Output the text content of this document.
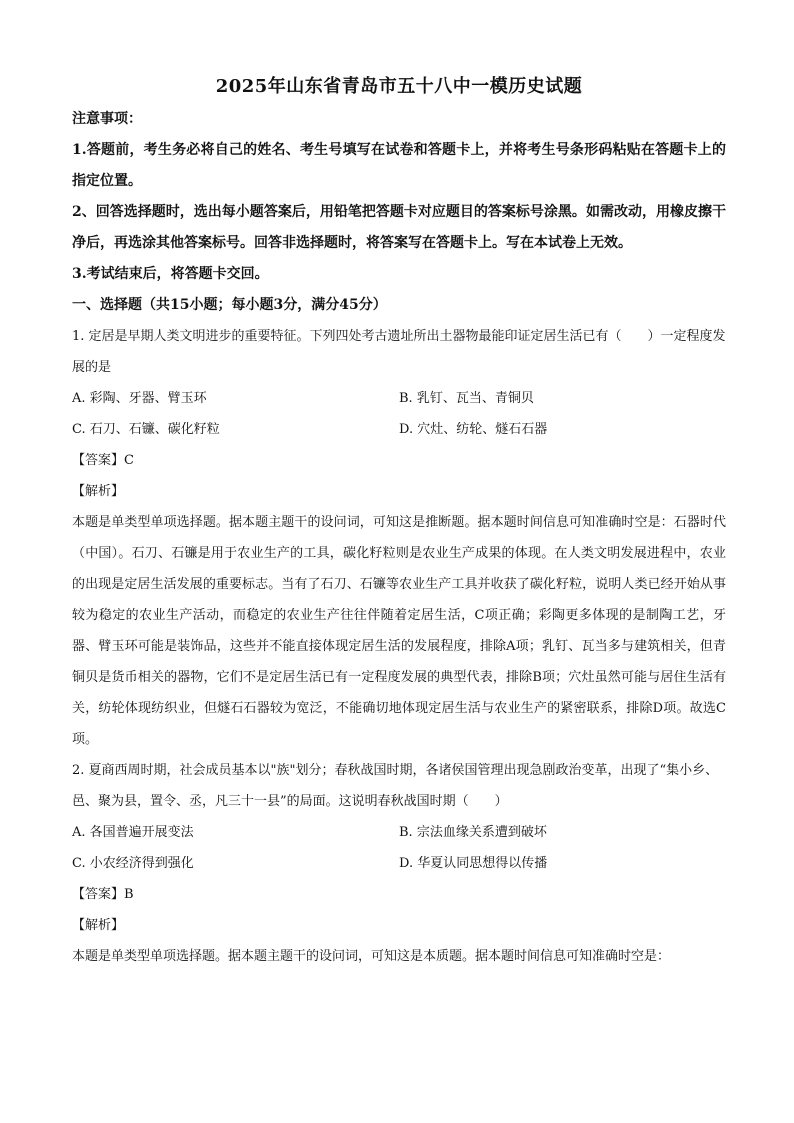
2025年山东省青岛市五十八中一模历史试题

注意事项：

1.答题前，考生务必将自己的姓名、考生号填写在试卷和答题卡上，并将考生号条形码粘贴在答题卡上的指定位置。

2、回答选择题时，选出每小题答案后，用铅笔把答题卡对应题目的答案标号涂黑。如需改动，用橡皮擦干净后，再选涂其他答案标号。回答非选择题时，将答案写在答题卡上。写在本试卷上无效。

3.考试结束后，将答题卡交回。

一、选择题（共15小题；每小题3分，满分45分）

1. 定居是早期人类文明进步的重要特征。下列四处考古遗址所出土器物最能印证定居生活已有（　　）一定程度发展的是

A. 彩陶、牙器、臂玉环	B. 乳钉、瓦当、青铜贝
C. 石刀、石镰、碳化籽粒	D. 穴灶、纺轮、燧石石器

【答案】C

【解析】

本题是单类型单项选择题。据本题主题干的设问词，可知这是推断题。据本题时间信息可知准确时空是：石器时代（中国）。石刀、石镰是用于农业生产的工具，碳化籽粒则是农业生产成果的体现。在人类文明发展进程中，农业的出现是定居生活发展的重要标志。当有了石刀、石镰等农业生产工具并收获了碳化籽粒，说明人类已经开始从事较为稳定的农业生产活动，而稳定的农业生产往往伴随着定居生活，C项正确；彩陶更多体现的是制陶工艺，牙器、臂玉环可能是装饰品，这些并不能直接体现定居生活的发展程度，排除A项；乳钉、瓦当多与建筑相关，但青铜贝是货币相关的器物，它们不是定居生活已有一定程度发展的典型代表，排除B项；穴灶虽然可能与居住生活有关，纺轮体现纺织业，但燧石石器较为宽泛，不能确切地体现定居生活与农业生产的紧密联系，排除D项。故选C项。

2. 夏商西周时期，社会成员基本以"族"划分；春秋战国时期，各诸侯国管理出现急剧政治变革，出现了“集小乡、邑、聚为县，置令、丞，凡三十一县”的局面。这说明春秋战国时期（　　）

A. 各国普遍开展变法	B. 宗法血缘关系遭到破坏
C. 小农经济得到强化	D. 华夏认同思想得以传播

【答案】B

【解析】

本题是单类型单项选择题。据本题主题干的设问词，可知这是本质题。据本题时间信息可知准确时空是：
